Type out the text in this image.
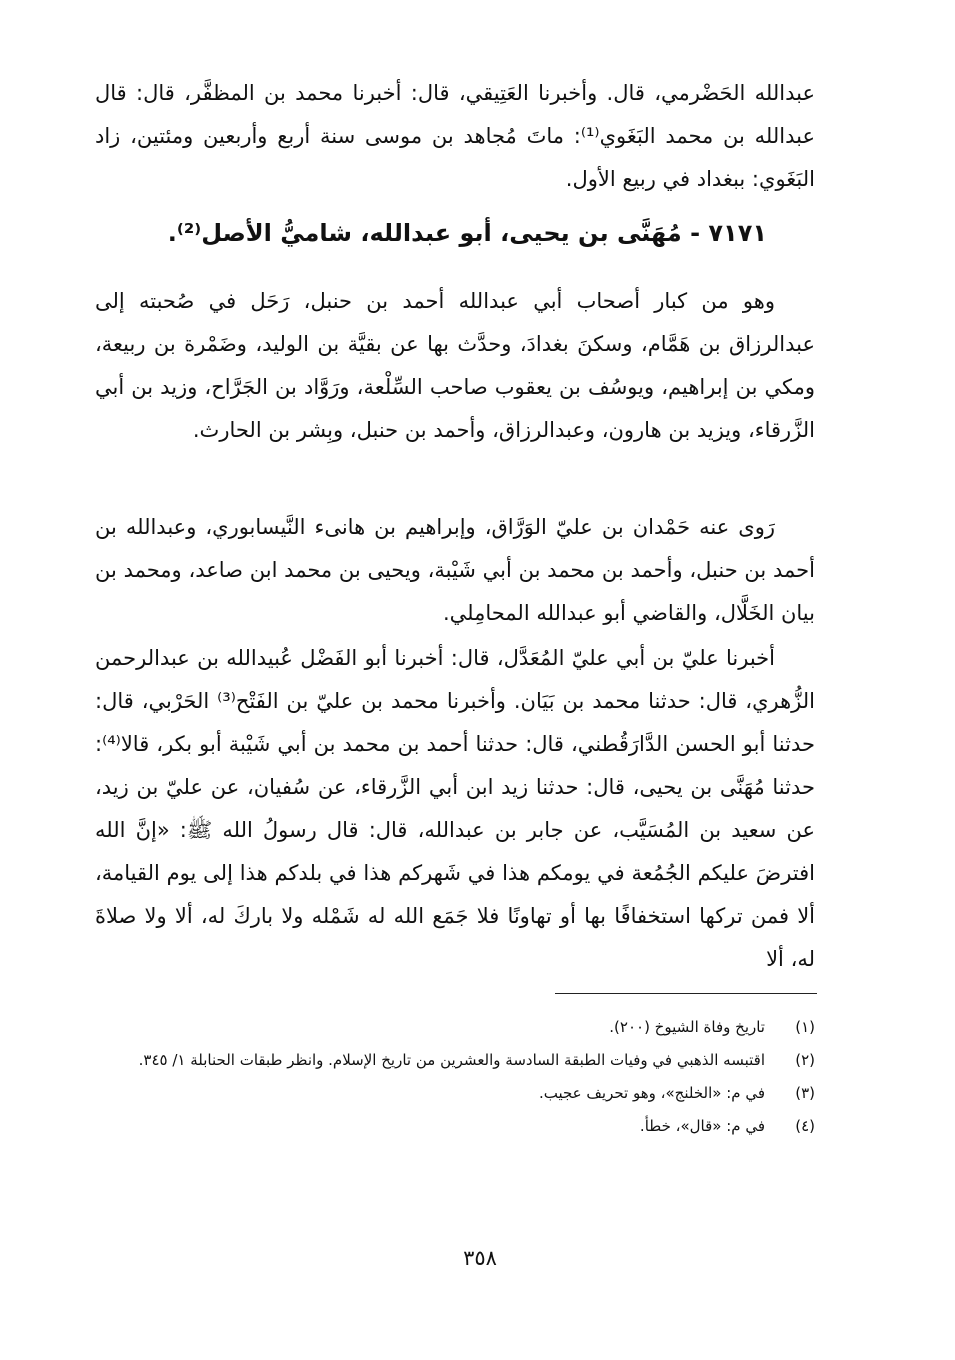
عبدالله الحَضْرمي، قال. وأخبرنا العَتِيقي، قال: أخبرنا محمد بن المظفَّر، قال: قال عبدالله بن محمد البَغَوي⁽¹⁾: ماتَ مُجاهد بن موسى سنة أربع وأربعين ومئتين، زاد البَغَوي: ببغداد في ربيع الأول.

٧١٧١ - مُهَنَّى بن يحيى، أبو عبدالله، شاميُّ الأصل⁽²⁾.

وهو من كبار أصحاب أبي عبدالله أحمد بن حنبل، رَحَل في صُحبته إلى عبدالرزاق بن هَمَّام، وسكنَ بغدادَ، وحدَّث بها عن بقيَّة بن الوليد، وضَمْرة بن ربيعة، ومكي بن إبراهيم، ويوسُف بن يعقوب صاحب السِّلْعة، ورَوَّاد بن الجَرَّاح، وزيد بن أبي الزَّرقاء، ويزيد بن هارون، وعبدالرزاق، وأحمد بن حنبل، وبِشر بن الحارث.

رَوى عنه حَمْدان بن عليّ الوَرَّاق، وإبراهيم بن هانىء النَّيسابوري، وعبدالله بن أحمد بن حنبل، وأحمد بن محمد بن أبي شَيْبة، ويحيى بن محمد ابن صاعد، ومحمد بن بيان الخَلَّال، والقاضي أبو عبدالله المحامِلي.

أخبرنا عليّ بن أبي عليّ المُعَدَّل، قال: أخبرنا أبو الفَضْل عُبيدالله بن عبدالرحمن الزُّهري، قال: حدثنا محمد بن بَيَان. وأخبرنا محمد بن عليّ بن الفَتْح⁽³⁾ الحَرْبي، قال: حدثنا أبو الحسن الدَّارَقُطني، قال: حدثنا أحمد بن محمد بن أبي شَيْبة أبو بكر، قالا⁽⁴⁾: حدثنا مُهَنَّى بن يحيى، قال: حدثنا زيد ابن أبي الزَّرقاء، عن سُفيان، عن عليّ بن زيد، عن سعيد بن المُسَيَّب، عن جابر بن عبدالله، قال: قال رسولُ الله ﷺ: «إنَّ الله افترضَ عليكم الجُمُعة في يومكم هذا في شَهركم هذا في بلدكم هذا إلى يوم القيامة، ألا فمن تركها استخفافًا بها أو تهاونًا فلا جَمَع الله له شَمْله ولا باركَ له، ألا ولا صلاةَ له، ألا

(١)
تاريخ وفاة الشيوخ (٢٠٠).
(٢)
اقتبسه الذهبي في وفيات الطبقة السادسة والعشرين من تاريخ الإسلام. وانظر طبقات الحنابلة ١/ ٣٤٥.
(٣)
في م: «الخلنج»، وهو تحريف عجيب.
(٤)
في م: «قال»، خطأ.
٣٥٨
